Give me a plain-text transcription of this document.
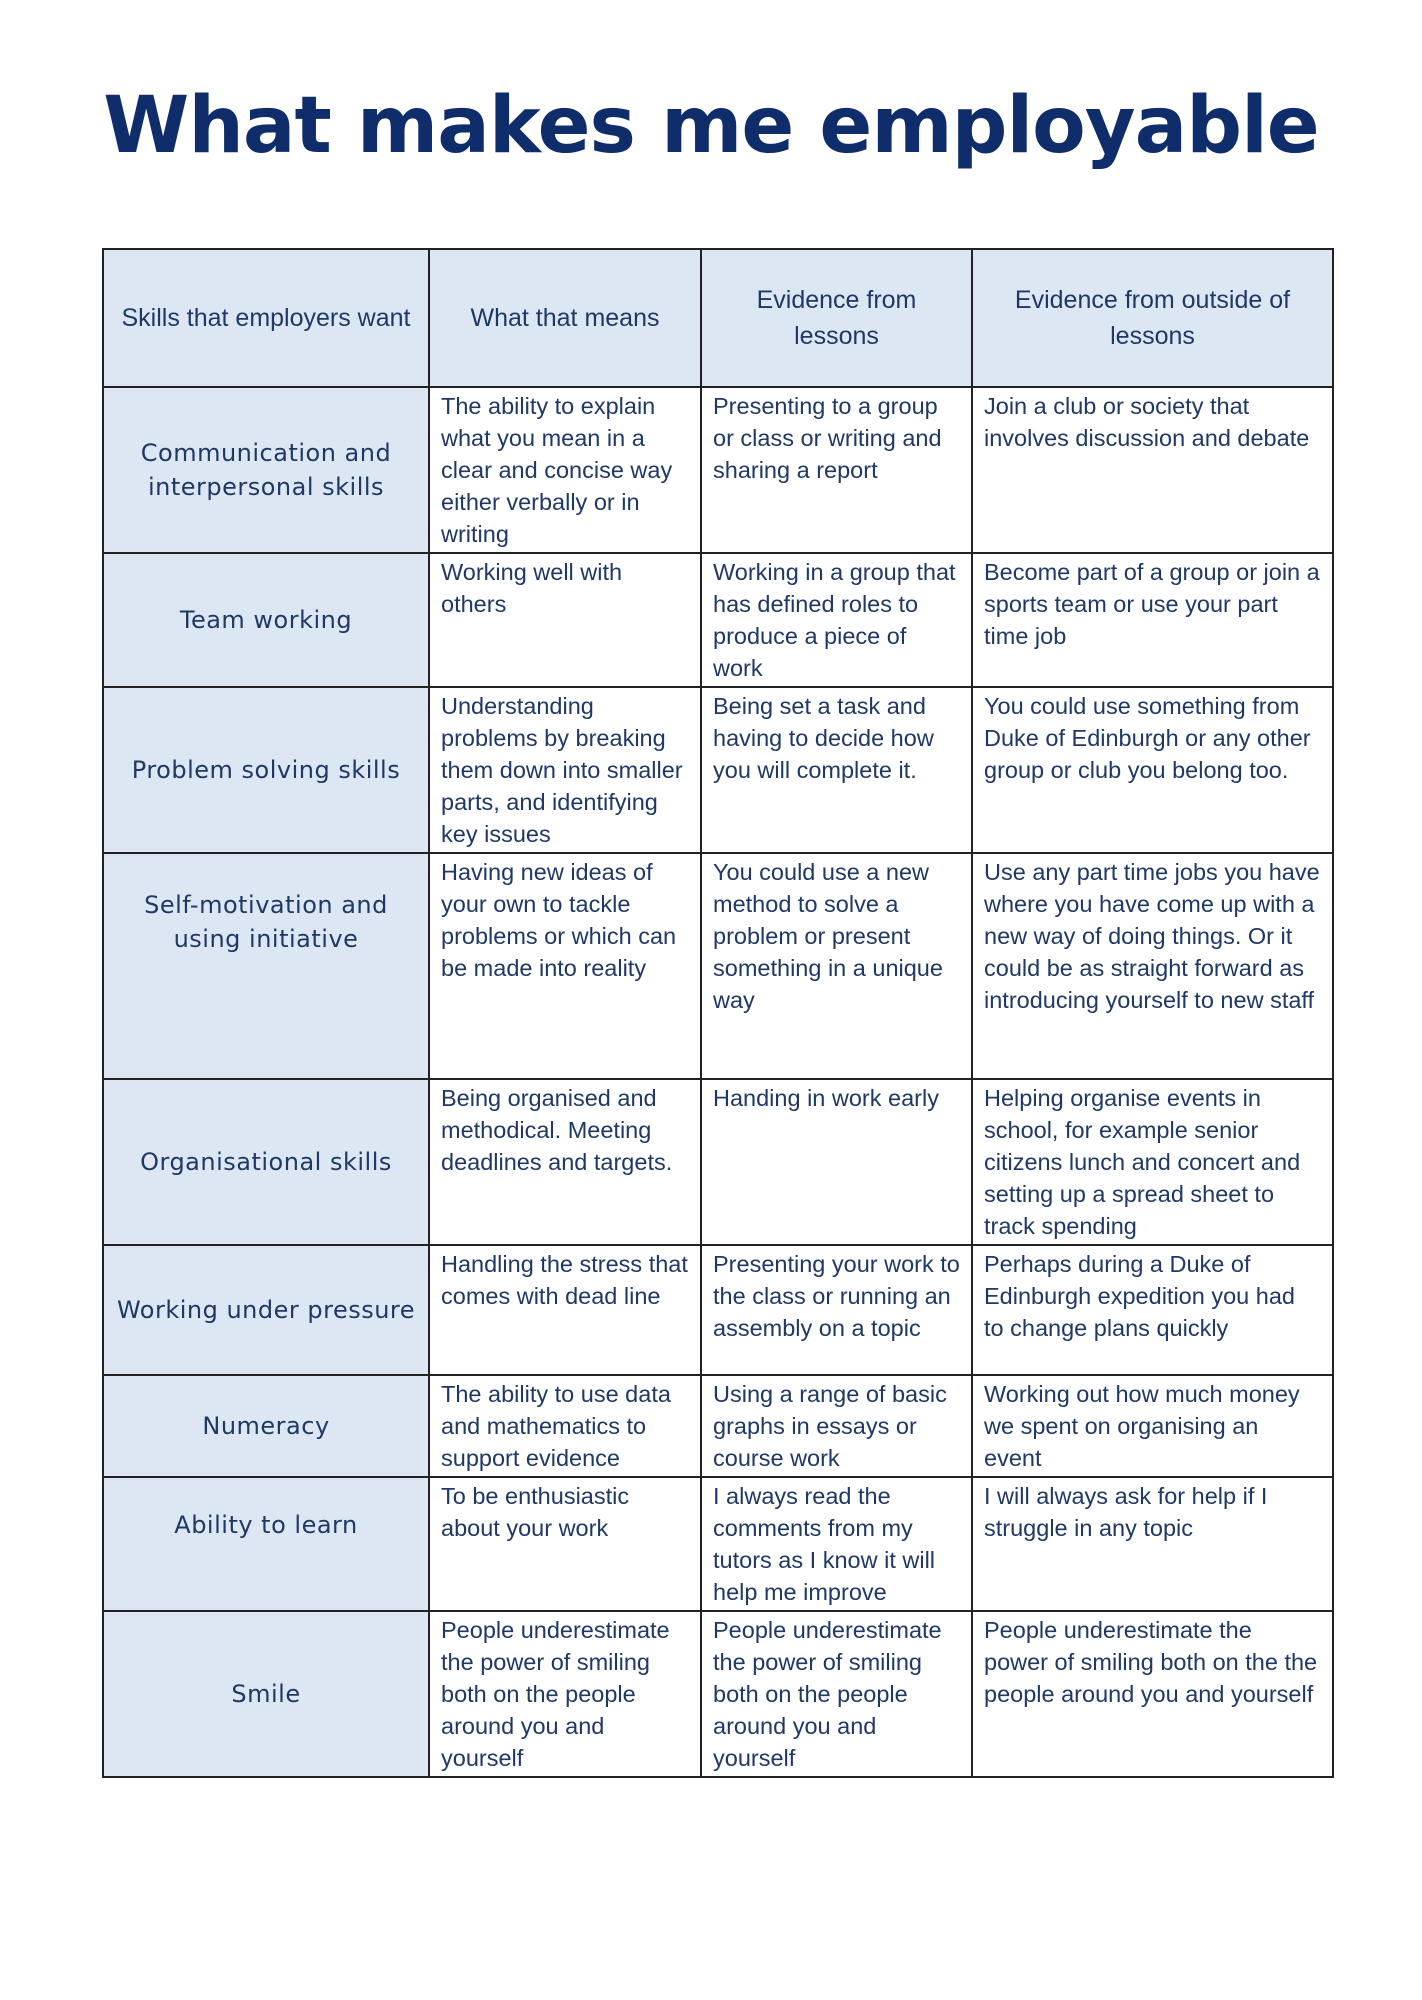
What makes me employable
Skills that employers want	What that means	Evidence from lessons	Evidence from outside of lessons
Communication and interpersonal skills	The ability to explain what you mean in a clear and concise way either verbally or in writing	Presenting to a group or class or writing and sharing a report	Join a club or society that involves discussion and debate
Team working	Working well with others	Working in a group that has defined roles to produce a piece of work	Become part of a group or join a sports team or use your part time job
Problem solving skills	Understanding problems by breaking them down into smaller parts, and identifying key issues	Being set a task and having to decide how you will complete it.	You could use something from Duke of Edinburgh or any other group or club you belong too.
Self-motivation and using initiative	Having new ideas of your own to tackle problems or which can be made into reality	You could use a new method to solve a problem or present something in a unique way	Use any part time jobs you have where you have come up with a new way of doing things. Or it could be as straight forward as introducing yourself to new staff
Organisational skills	Being organised and methodical. Meeting deadlines and targets.	Handing in work early	Helping organise events in school, for example senior citizens lunch and concert and setting up a spread sheet to track spending
Working under pressure	Handling the stress that comes with dead line	Presenting your work to the class or running an assembly on a topic	Perhaps during a Duke of Edinburgh expedition you had to change plans quickly
Numeracy	The ability to use data and mathematics to support evidence	Using a range of basic graphs in essays or course work	Working out how much money we spent on organising an event
Ability to learn	To be enthusiastic about your work	I always read the comments from my tutors as I know it will help me improve	I will always ask for help if I struggle in any topic
Smile	People underestimate the power of smiling both on the people around you and yourself	People underestimate the power of smiling both on the people around you and yourself	People underestimate the power of smiling both on the the people around you and yourself
